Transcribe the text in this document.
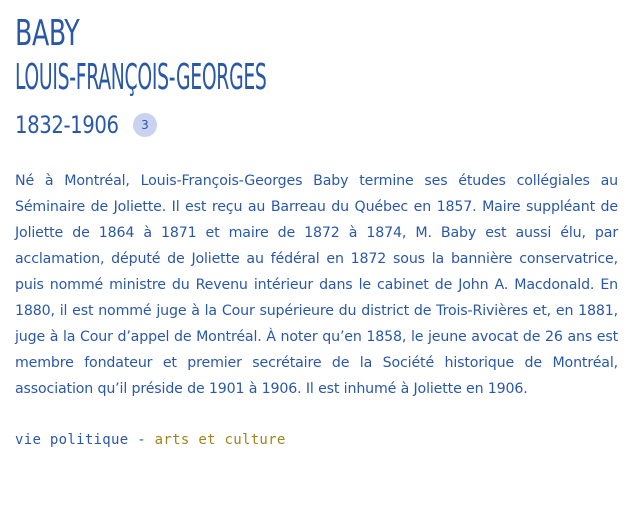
BABY
LOUIS-FRANÇOIS-GEORGES
1832-1906	3

Né à Montréal, Louis-François-Georges Baby termine ses études collégiales au Séminaire de Joliette. Il est reçu au Barreau du Québec en 1857. Maire suppléant de Joliette de 1864 à 1871 et maire de 1872 à 1874, M. Baby est aussi élu, par acclamation, député de Joliette au fédéral en 1872 sous la bannière conservatrice, puis nommé ministre du Revenu intérieur dans le cabinet de John A. Macdonald. En 1880, il est nommé juge à la Cour supérieure du district de Trois-Rivières et, en 1881, juge à la Cour d’appel de Montréal. À noter qu’en 1858, le jeune avocat de 26 ans est membre fondateur et premier secrétaire de la Société historique de Montréal, association qu’il préside de 1901 à 1906. Il est inhumé à Joliette en 1906.

vie politique - arts et culture
